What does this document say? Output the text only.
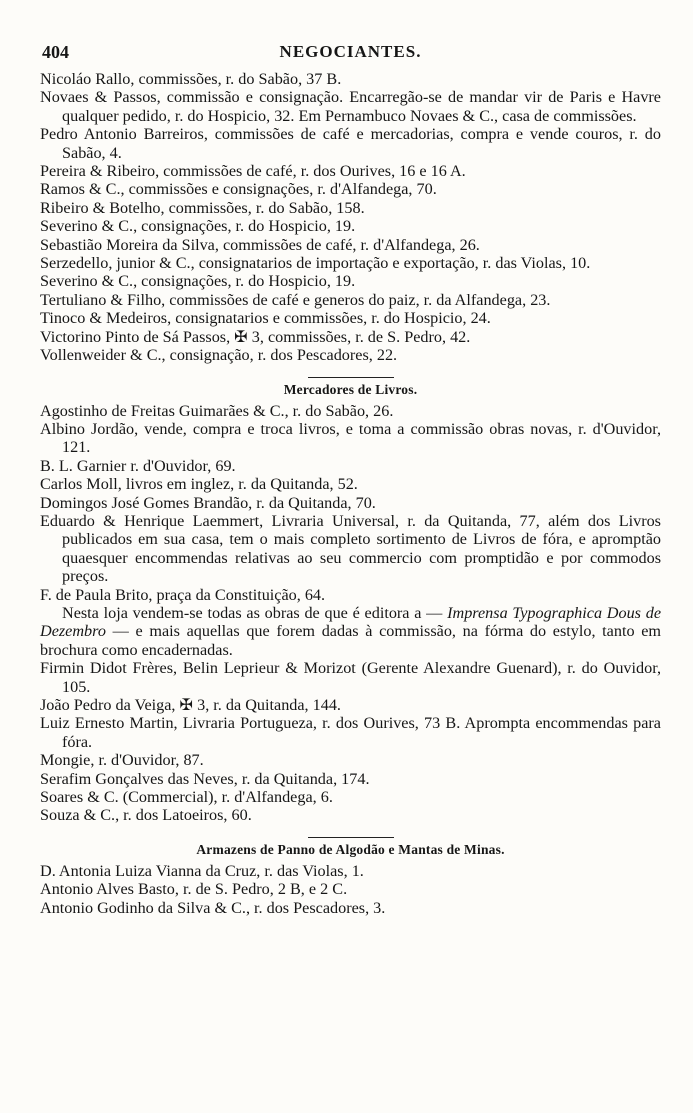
404	NEGOCIANTES.

Nicoláo Rallo, commissões, r. do Sabão, 37 B.

Novaes & Passos, commissão e consignação. Encarregão-se de mandar vir de Paris e Havre qualquer pedido, r. do Hospicio, 32. Em Pernambuco Novaes & C., casa de commissões.

Pedro Antonio Barreiros, commissões de café e mercadorias, compra e vende couros, r. do Sabão, 4.

Pereira & Ribeiro, commissões de café, r. dos Ourives, 16 e 16 A.

Ramos & C., commissões e consignações, r. d'Alfandega, 70.

Ribeiro & Botelho, commissões, r. do Sabão, 158.

Severino & C., consignações, r. do Hospicio, 19.

Sebastião Moreira da Silva, commissões de café, r. d'Alfandega, 26.

Serzedello, junior & C., consignatarios de importação e exportação, r. das Violas, 10.

Severino & C., consignações, r. do Hospicio, 19.

Tertuliano & Filho, commissões de café e generos do paiz, r. da Alfandega, 23.

Tinoco & Medeiros, consignatarios e commissões, r. do Hospicio, 24.

Victorino Pinto de Sá Passos, ✠ 3, commissões, r. de S. Pedro, 42.

Vollenweider & C., consignação, r. dos Pescadores, 22.

Mercadores de Livros.

Agostinho de Freitas Guimarães & C., r. do Sabão, 26.

Albino Jordão, vende, compra e troca livros, e toma a commissão obras novas, r. d'Ouvidor, 121.

B. L. Garnier r. d'Ouvidor, 69.

Carlos Moll, livros em inglez, r. da Quitanda, 52.

Domingos José Gomes Brandão, r. da Quitanda, 70.

Eduardo & Henrique Laemmert, Livraria Universal, r. da Quitanda, 77, além dos Livros publicados em sua casa, tem o mais completo sortimento de Livros de fóra, e apromptão quaesquer encommendas relativas ao seu commercio com promptidão e por commodos preços.

F. de Paula Brito, praça da Constituição, 64.

Nesta loja vendem-se todas as obras de que é editora a — Imprensa Typographica Dous de Dezembro — e mais aquellas que forem dadas à commissão, na fórma do estylo, tanto em brochura como encadernadas.

Firmin Didot Frères, Belin Leprieur & Morizot (Gerente Alexandre Guenard), r. do Ouvidor, 105.

João Pedro da Veiga, ✠ 3, r. da Quitanda, 144.

Luiz Ernesto Martin, Livraria Portugueza, r. dos Ourives, 73 B. Apromptа encommendas para fóra.

Mongie, r. d'Ouvidor, 87.

Serafim Gonçalves das Neves, r. da Quitanda, 174.

Soares & C. (Commercial), r. d'Alfandega, 6.

Souza & C., r. dos Latoeiros, 60.

Armazens de Panno de Algodão e Mantas de Minas.

D. Antonia Luiza Vianna da Cruz, r. das Violas, 1.

Antonio Alves Basto, r. de S. Pedro, 2 B, e 2 C.

Antonio Godinho da Silva & C., r. dos Pescadores, 3.
